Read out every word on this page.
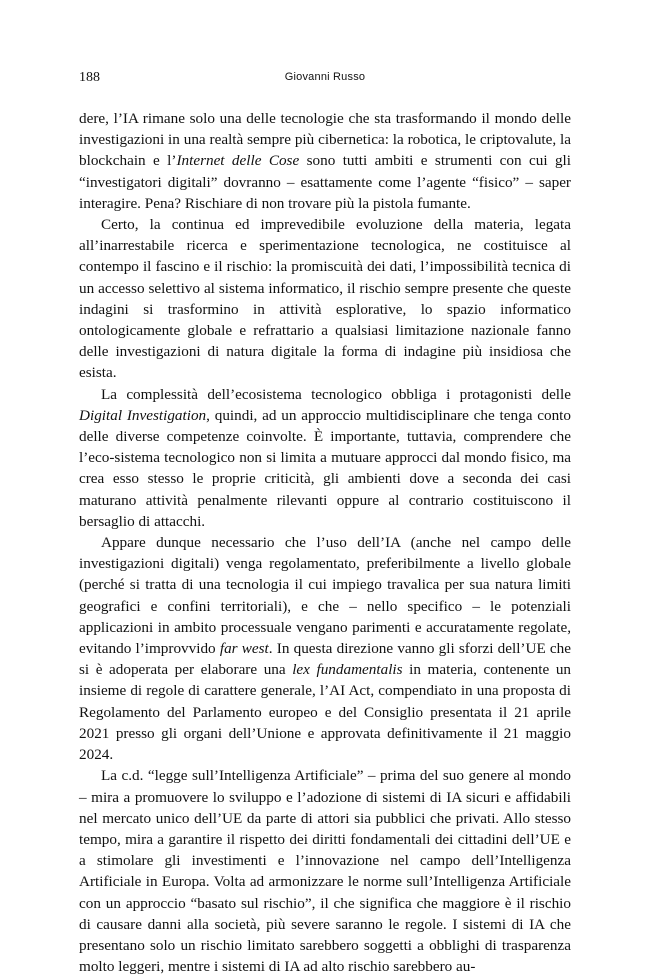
188	Giovanni Russo

dere, l’IA rimane solo una delle tecnologie che sta trasformando il mondo delle investigazioni in una realtà sempre più cibernetica: la robotica, le criptovalute, la blockchain e l’Internet delle Cose sono tutti ambiti e strumenti con cui gli “investigatori digitali” dovranno – esattamente come l’agente “fisico” – saper interagire. Pena? Rischiare di non trovare più la pistola fumante.

Certo, la continua ed imprevedibile evoluzione della materia, legata all’inarrestabile ricerca e sperimentazione tecnologica, ne costituisce al contempo il fascino e il rischio: la promiscuità dei dati, l’impossibilità tecnica di un accesso selettivo al sistema informatico, il rischio sempre presente che queste indagini si trasformino in attività esplorative, lo spazio informatico ontologicamente globale e refrattario a qualsiasi limitazione nazionale fanno delle investigazioni di natura digitale la forma di indagine più insidiosa che esista.

La complessità dell’ecosistema tecnologico obbliga i protagonisti delle Digital Investigation, quindi, ad un approccio multidisciplinare che tenga conto delle diverse competenze coinvolte. È importante, tuttavia, comprendere che l’eco-sistema tecnologico non si limita a mutuare approcci dal mondo fisico, ma crea esso stesso le proprie criticità, gli ambienti dove a seconda dei casi maturano attività penalmente rilevanti oppure al contrario costituiscono il bersaglio di attacchi.

Appare dunque necessario che l’uso dell’IA (anche nel campo delle investigazioni digitali) venga regolamentato, preferibilmente a livello globale (perché si tratta di una tecnologia il cui impiego travalica per sua natura limiti geografici e confini territoriali), e che – nello specifico – le potenziali applicazioni in ambito processuale vengano parimenti e accuratamente regolate, evitando l’improvvido far west. In questa direzione vanno gli sforzi dell’UE che si è adoperata per elaborare una lex fundamentalis in materia, contenente un insieme di regole di carattere generale, l’AI Act, compendiato in una proposta di Regolamento del Parlamento europeo e del Consiglio presentata il 21 aprile 2021 presso gli organi dell’Unione e approvata definitivamente il 21 maggio 2024.

La c.d. “legge sull’Intelligenza Artificiale” – prima del suo genere al mondo – mira a promuovere lo sviluppo e l’adozione di sistemi di IA sicuri e affidabili nel mercato unico dell’UE da parte di attori sia pubblici che privati. Allo stesso tempo, mira a garantire il rispetto dei diritti fondamentali dei cittadini dell’UE e a stimolare gli investimenti e l’innovazione nel campo dell’Intelligenza Artificiale in Europa. Volta ad armonizzare le norme sull’Intelligenza Artificiale con un approccio “basato sul rischio”, il che significa che maggiore è il rischio di causare danni alla società, più severe saranno le regole. I sistemi di IA che presentano solo un rischio limitato sarebbero soggetti a obblighi di trasparenza molto leggeri, mentre i sistemi di IA ad alto rischio sarebbero au-
